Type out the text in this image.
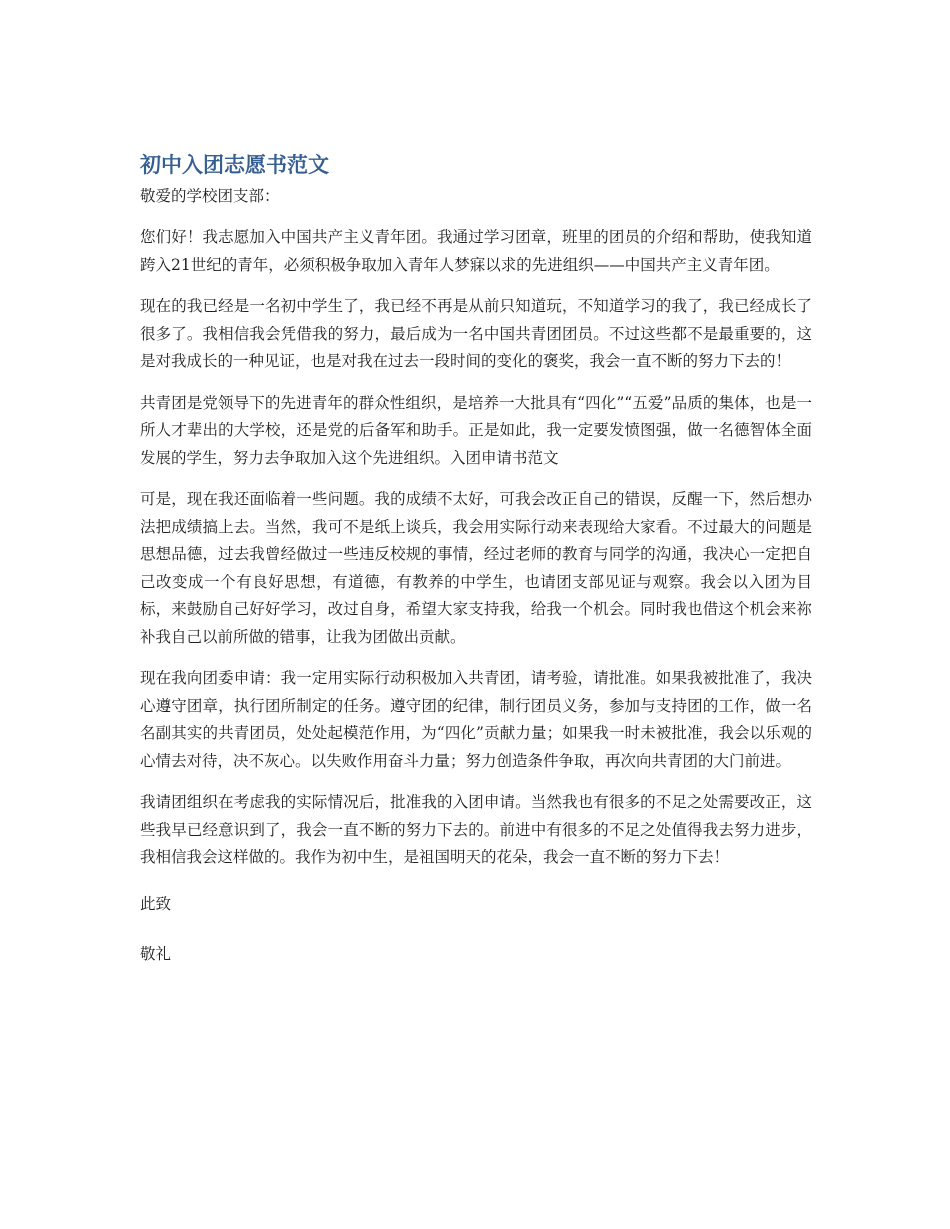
初中入团志愿书范文

敬爱的学校团支部：

您们好！我志愿加入中国共产主义青年团。我通过学习团章，班里的团员的介绍和帮助，使我知道跨入21世纪的青年，必须积极争取加入青年人梦寐以求的先进组织——中国共产主义青年团。

现在的我已经是一名初中学生了，我已经不再是从前只知道玩，不知道学习的我了，我已经成长了很多了。我相信我会凭借我的努力，最后成为一名中国共青团团员。不过这些都不是最重要的，这是对我成长的一种见证，也是对我在过去一段时间的变化的褒奖，我会一直不断的努力下去的！

共青团是党领导下的先进青年的群众性组织，是培养一大批具有“四化”“五爱”品质的集体，也是一所人才辈出的大学校，还是党的后备军和助手。正是如此，我一定要发愤图强，做一名德智体全面发展的学生，努力去争取加入这个先进组织。入团申请书范文

可是，现在我还面临着一些问题。我的成绩不太好，可我会改正自己的错误，反醒一下，然后想办法把成绩搞上去。当然，我可不是纸上谈兵，我会用实际行动来表现给大家看。不过最大的问题是思想品德，过去我曾经做过一些违反校规的事情，经过老师的教育与同学的沟通，我决心一定把自己改变成一个有良好思想，有道德，有教养的中学生，也请团支部见证与观察。我会以入团为目标，来鼓励自己好好学习，改过自身，希望大家支持我，给我一个机会。同时我也借这个机会来祢补我自己以前所做的错事，让我为团做出贡献。

现在我向团委申请：我一定用实际行动积极加入共青团，请考验，请批准。如果我被批准了，我决心遵守团章，执行团所制定的任务。遵守团的纪律，制行团员义务，参加与支持团的工作，做一名名副其实的共青团员，处处起模范作用，为“四化”贡献力量；如果我一时未被批准，我会以乐观的心情去对待，决不灰心。以失败作用奋斗力量；努力创造条件争取，再次向共青团的大门前进。

我请团组织在考虑我的实际情况后，批准我的入团申请。当然我也有很多的不足之处需要改正，这些我早已经意识到了，我会一直不断的努力下去的。前进中有很多的不足之处值得我去努力进步，我相信我会这样做的。我作为初中生，是祖国明天的花朵，我会一直不断的努力下去！

此致

敬礼
